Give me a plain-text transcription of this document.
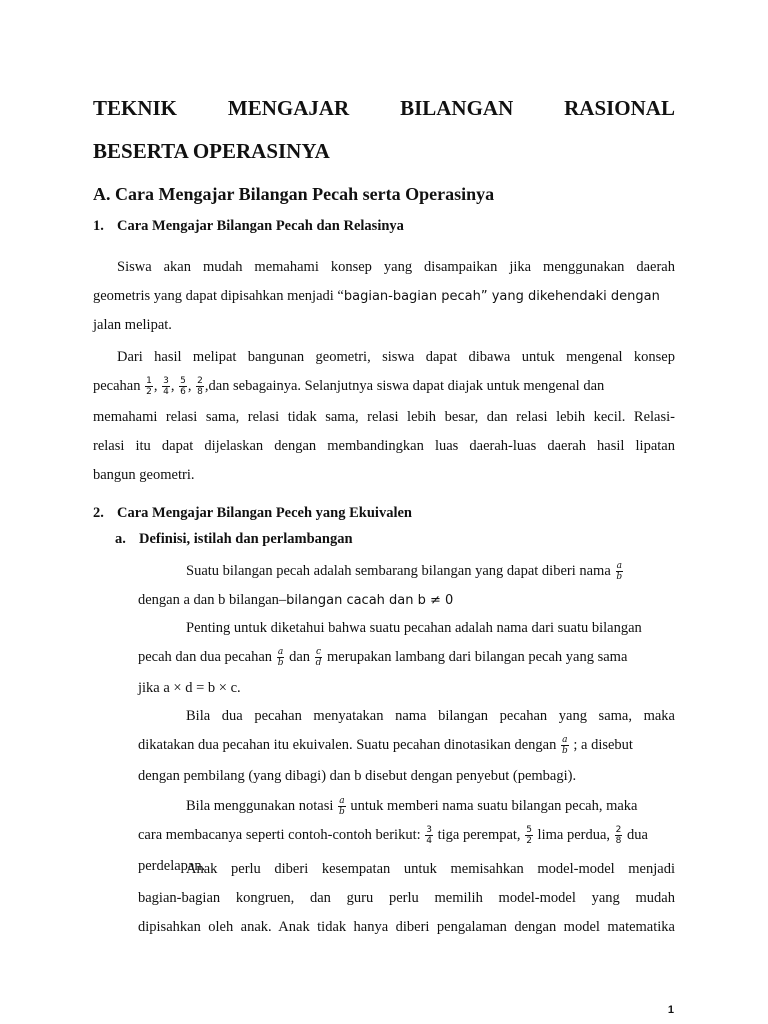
TEKNIK MENGAJAR BILANGAN RASIONAL
BESERTA OPERASINYA
A. Cara Mengajar Bilangan Pecah serta Operasinya
1. Cara Mengajar Bilangan Pecah dan Relasinya
Siswa akan mudah memahami konsep yang disampaikan jika menggunakan daerah
geometris yang dapat dipisahkan menjadi “bagian-bagian pecah” yang dikehendaki dengan
jalan melipat.
Dari hasil melipat bangunan geometri, siswa dapat dibawa untuk mengenal konsep
pecahan $\frac{1}{2}$ , $\frac{3}{4}$ , $\frac{5}{6}$ , $\frac{2}{8} ,dan$ sebagainya. Selanjutnya siswa dapat diajak untuk mengenal dan
memahami relasi sama, relasi tidak sama, relasi lebih besar, dan relasi lebih kecil. Relasi-
relasi itu dapat dijelaskan dengan membandingkan luas daerah-luas daerah hasil lipatan
bangun geometri.
2. Cara Mengajar Bilangan Peceh yang Ekuivalen
a. Definisi, istilah dan perlambangan
Suatu bilangan pecah adalah sembarang bilangan yang dapat diberi nama $\frac{a}{b}$
dengan a dan b bilangan–bilangan cacah dan b ≠ 0
Penting untuk diketahui bahwa suatu pecahan adalah nama dari suatu bilangan
pecah dan dua pecahan $\frac{a}{b}$ dan $\frac{c}{d}$ merupakan lambang dari bilangan pecah yang sama
jika a × d = b × c.
Bila dua pecahan menyatakan nama bilangan pecahan yang sama, maka
dikatakan dua pecahan itu ekuivalen. Suatu pecahan dinotasikan dengan $\frac{a}{b}$ ; a disebut
dengan pembilang (yang dibagi) dan b disebut dengan penyebut (pembagi).
Bila menggunakan notasi $\frac{a}{b}$ untuk memberi nama suatu bilangan pecah, maka
cara membacanya seperti contoh-contoh berikut: $\frac{3}{4}$ tiga perempat, $\frac{5}{2}$ lima perdua, $\frac{2}{8}$ dua
perdelapan.
Anak perlu diberi kesempatan untuk memisahkan model-model menjadi
bagian-bagian kongruen, dan guru perlu memilih model-model yang mudah
dipisahkan oleh anak. Anak tidak hanya diberi pengalaman dengan model matematika
1
